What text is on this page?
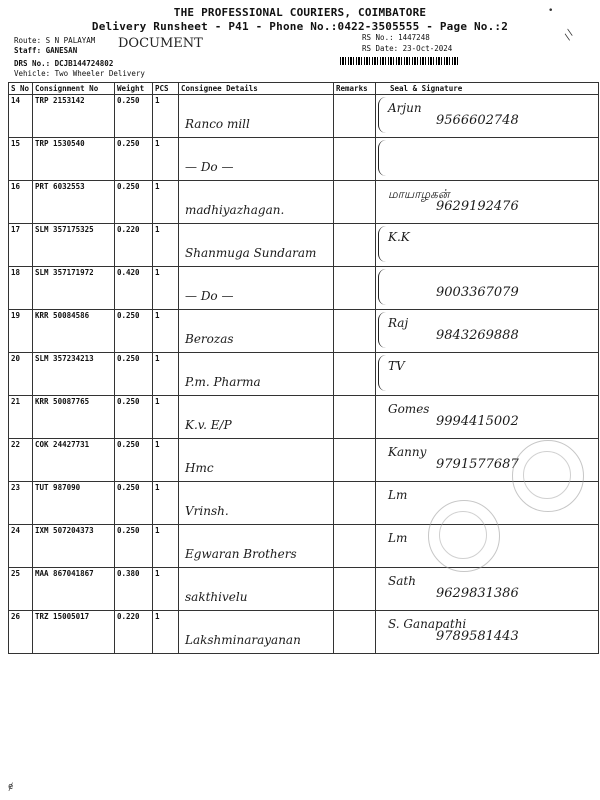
THE PROFESSIONAL COURIERS, COIMBATORE
Delivery Runsheet - P41 - Phone No.:0422-3505555 - Page No.:2
Route: S N PALAYAM
Staff: GANESAN
DRS No.: DCJB144724802
Vehicle: Two Wheeler Delivery
RS No.: 1447248
RS Date: 23-Oct-2024
DOCUMENT
•
//
S No	Consignment No	Weight	PCS	Consignee Details	Remarks	Seal & Signature
14	TRP 2153142	0.250	1	Ranco mill		Arjun
9566602748

15	TRP 1530540	0.250	1	— Do —		

16	PRT 6032553	0.250	1	madhiyazhagan.		மாயாழகன்
9629192476

17	SLM 357175325	0.220	1	Shanmuga Sundaram		K.K

18	SLM 357171972	0.420	1	— Do —		9003367079

19	KRR 50084586	0.250	1	Berozas		Raj
9843269888

20	SLM 357234213	0.250	1	P.m. Pharma		TV

21	KRR 50087765	0.250	1	K.v. E/P		Gomes
9994415002

22	COK 24427731	0.250	1	Hmc		Kanny
9791577687

23	TUT 987090	0.250	1	Vrinsh.		Lm

24	IXM 507204373	0.250	1	Egwaran Brothers		Lm

25	MAA 867041867	0.380	1	sakthivelu		Sath
9629831386

26	TRZ 15005017	0.220	1	Lakshminarayanan		S. Ganapathi
9789581443
ɇ
